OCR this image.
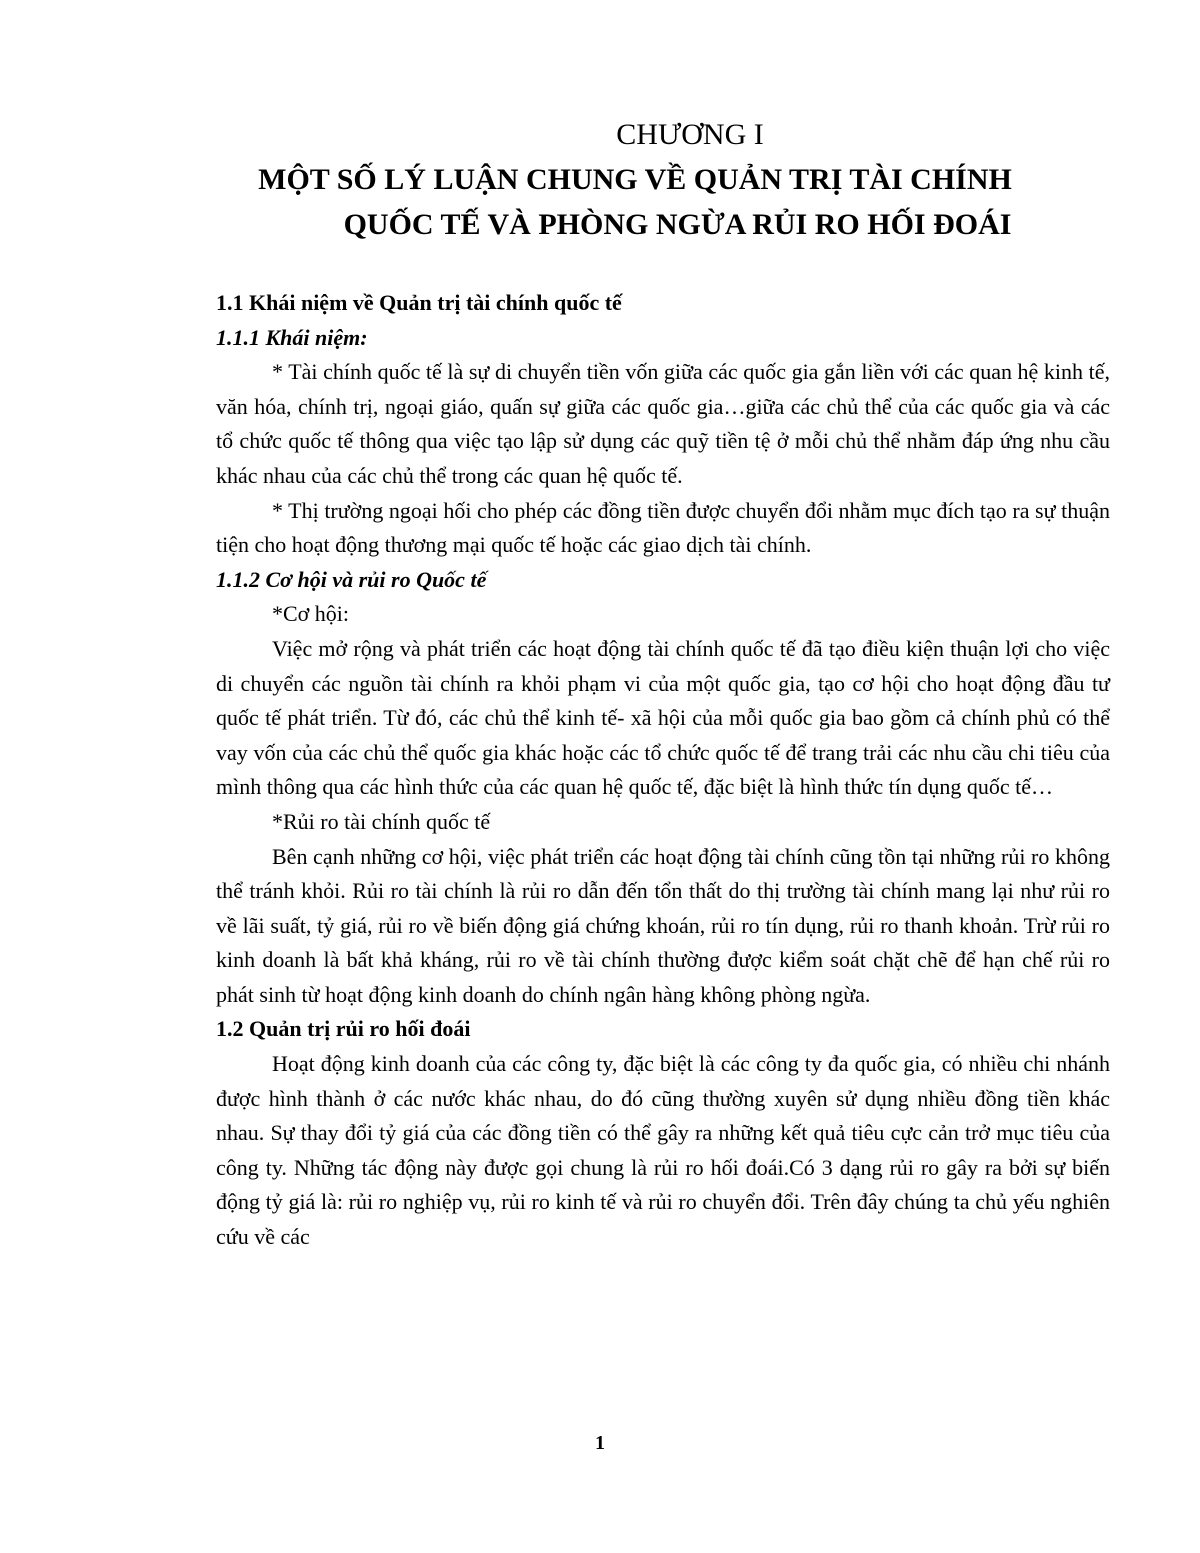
CHƯƠNG I
MỘT SỐ LÝ LUẬN CHUNG VỀ QUẢN TRỊ TÀI CHÍNH
QUỐC TẾ VÀ PHÒNG NGỪA RỦI RO HỐI ĐOÁI

1.1 Khái niệm về Quản trị tài chính quốc tế

1.1.1 Khái niệm:

* Tài chính quốc tế là sự di chuyển tiền vốn giữa các quốc gia gắn liền với các quan hệ kinh tế, văn hóa, chính trị, ngoại giáo, quấn sự giữa các quốc gia…giữa các chủ thể của các quốc gia và các tổ chức quốc tế thông qua việc tạo lập sử dụng các quỹ tiền tệ ở mỗi chủ thể nhằm đáp ứng nhu cầu khác nhau của các chủ thể trong các quan hệ quốc tế.

* Thị trường ngoại hối cho phép các đồng tiền được chuyển đổi nhằm mục đích tạo ra sự thuận tiện cho hoạt động thương mại quốc tế hoặc các giao dịch tài chính.

1.1.2 Cơ hội và rủi ro Quốc tế

*Cơ hội:

Việc mở rộng và phát triển các hoạt động tài chính quốc tế đã tạo điều kiện thuận lợi cho việc di chuyển các nguồn tài chính ra khỏi phạm vi của một quốc gia, tạo cơ hội cho hoạt động đầu tư quốc tế phát triển. Từ đó, các chủ thể kinh tế- xã hội của mỗi quốc gia bao gồm cả chính phủ có thể vay vốn của các chủ thể quốc gia khác hoặc các tổ chức quốc tế để trang trải các nhu cầu chi tiêu của mình thông qua các hình thức của các quan hệ quốc tế, đặc biệt là hình thức tín dụng quốc tế…

*Rủi ro tài chính quốc tế

Bên cạnh những cơ hội, việc phát triển các hoạt động tài chính cũng tồn tại những rủi ro không thể tránh khỏi. Rủi ro tài chính là rủi ro dẫn đến tổn thất do thị trường tài chính mang lại như rủi ro về lãi suất, tỷ giá, rủi ro về biến động giá chứng khoán, rủi ro tín dụng, rủi ro thanh khoản. Trừ rủi ro kinh doanh là bất khả kháng, rủi ro về tài chính thường được kiểm soát chặt chẽ để hạn chế rủi ro phát sinh từ hoạt động kinh doanh do chính ngân hàng không phòng ngừa.

1.2 Quản trị rủi ro hối đoái

Hoạt động kinh doanh của các công ty, đặc biệt là các công ty đa quốc gia, có nhiều chi nhánh được hình thành ở các nước khác nhau, do đó cũng thường xuyên sử dụng nhiều đồng tiền khác nhau. Sự thay đổi tỷ giá của các đồng tiền có thể gây ra những kết quả tiêu cực cản trở mục tiêu của công ty. Những tác động này được gọi chung là rủi ro hối đoái.Có 3 dạng rủi ro gây ra bởi sự biến động tỷ giá là: rủi ro nghiệp vụ, rủi ro kinh tế và rủi ro chuyển đổi. Trên đây chúng ta chủ yếu nghiên cứu về các

1
